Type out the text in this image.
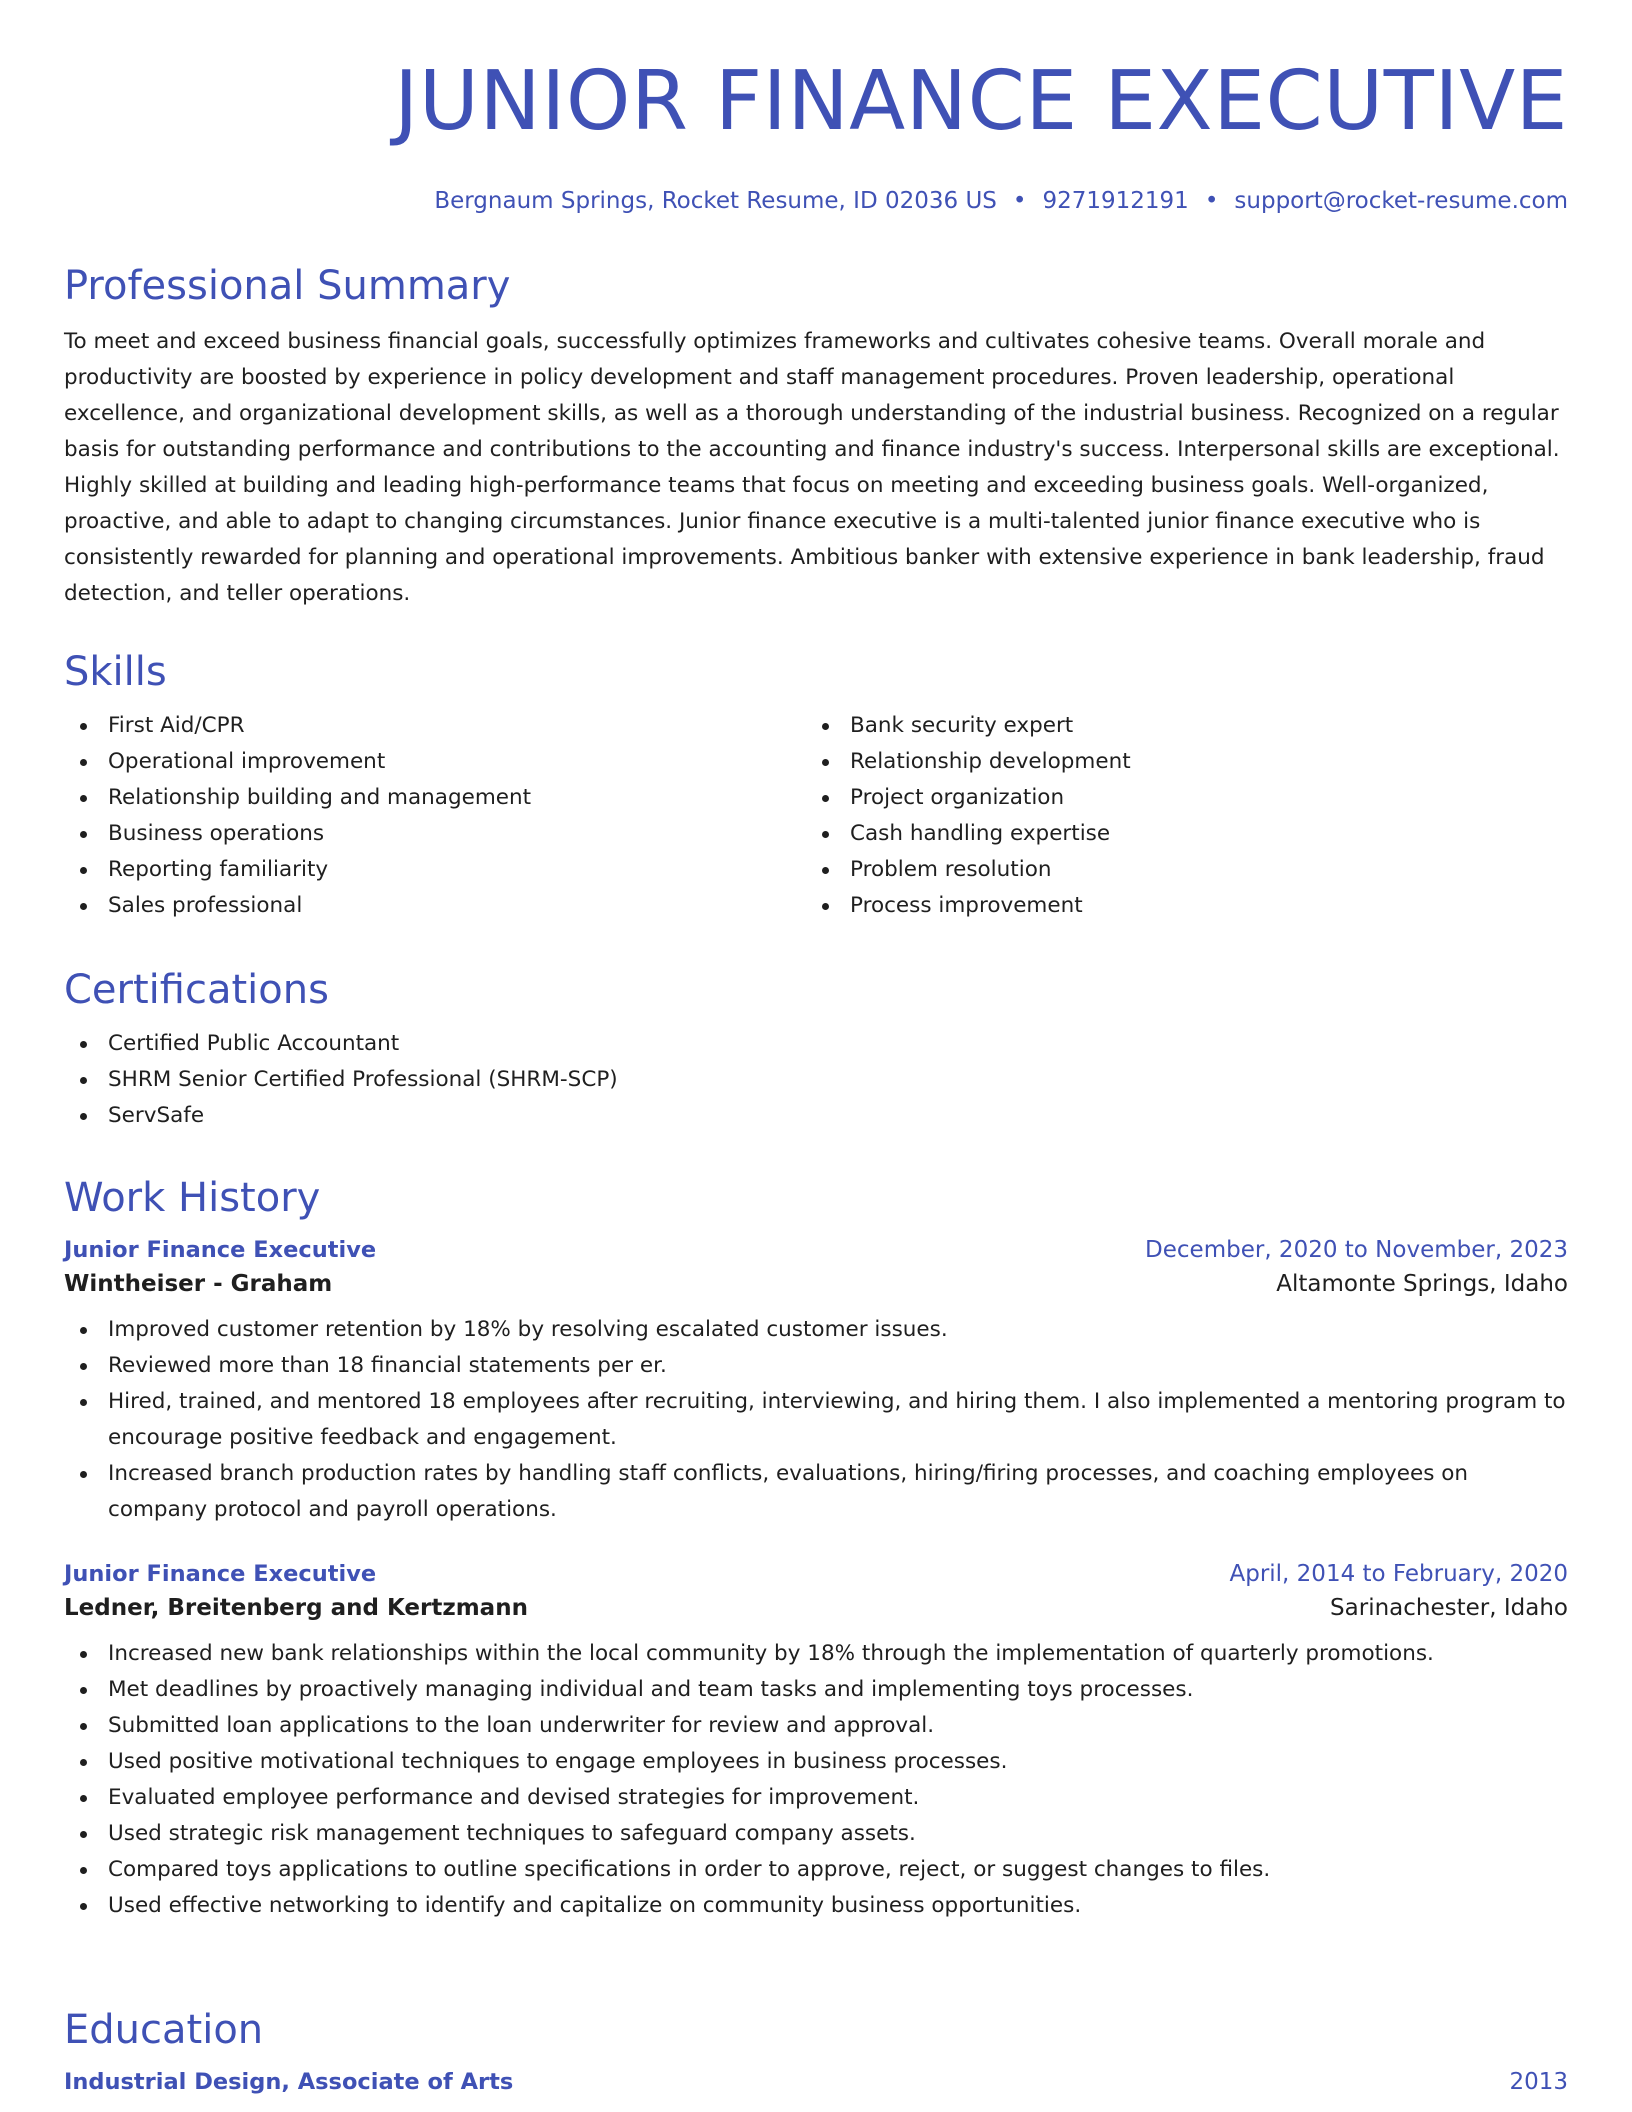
JUNIOR FINANCE EXECUTIVE
Bergnaum Springs, Rocket Resume, ID 02036 US • 9271912191 • support@rocket-resume.com
Professional Summary
To meet and exceed business financial goals, successfully optimizes frameworks and cultivates cohesive teams. Overall morale and productivity are boosted by experience in policy development and staff management procedures. Proven leadership, operational excellence, and organizational development skills, as well as a thorough understanding of the industrial business. Recognized on a regular basis for outstanding performance and contributions to the accounting and finance industry's success. Interpersonal skills are exceptional. Highly skilled at building and leading high-performance teams that focus on meeting and exceeding business goals. Well-organized, proactive, and able to adapt to changing circumstances. Junior finance executive is a multi-talented junior finance executive who is consistently rewarded for planning and operational improvements. Ambitious banker with extensive experience in bank leadership, fraud detection, and teller operations.
Skills
First Aid/CPR
Operational improvement
Relationship building and management
Business operations
Reporting familiarity
Sales professional
Bank security expert
Relationship development
Project organization
Cash handling expertise
Problem resolution
Process improvement
Certifications
Certified Public Accountant
SHRM Senior Certified Professional (SHRM-SCP)
ServSafe
Work History
Junior Finance Executive	December, 2020 to November, 2023
Wintheiser - Graham	Altamonte Springs, Idaho
Improved customer retention by 18% by resolving escalated customer issues.
Reviewed more than 18 financial statements per er.
Hired, trained, and mentored 18 employees after recruiting, interviewing, and hiring them. I also implemented a mentoring program to encourage positive feedback and engagement.
Increased branch production rates by handling staff conflicts, evaluations, hiring/firing processes, and coaching employees on company protocol and payroll operations.
Junior Finance Executive	April, 2014 to February, 2020
Ledner, Breitenberg and Kertzmann	Sarinachester, Idaho
Increased new bank relationships within the local community by 18% through the implementation of quarterly promotions.
Met deadlines by proactively managing individual and team tasks and implementing toys processes.
Submitted loan applications to the loan underwriter for review and approval.
Used positive motivational techniques to engage employees in business processes.
Evaluated employee performance and devised strategies for improvement.
Used strategic risk management techniques to safeguard company assets.
Compared toys applications to outline specifications in order to approve, reject, or suggest changes to files.
Used effective networking to identify and capitalize on community business opportunities.
Education
Industrial Design, Associate of Arts	2013
